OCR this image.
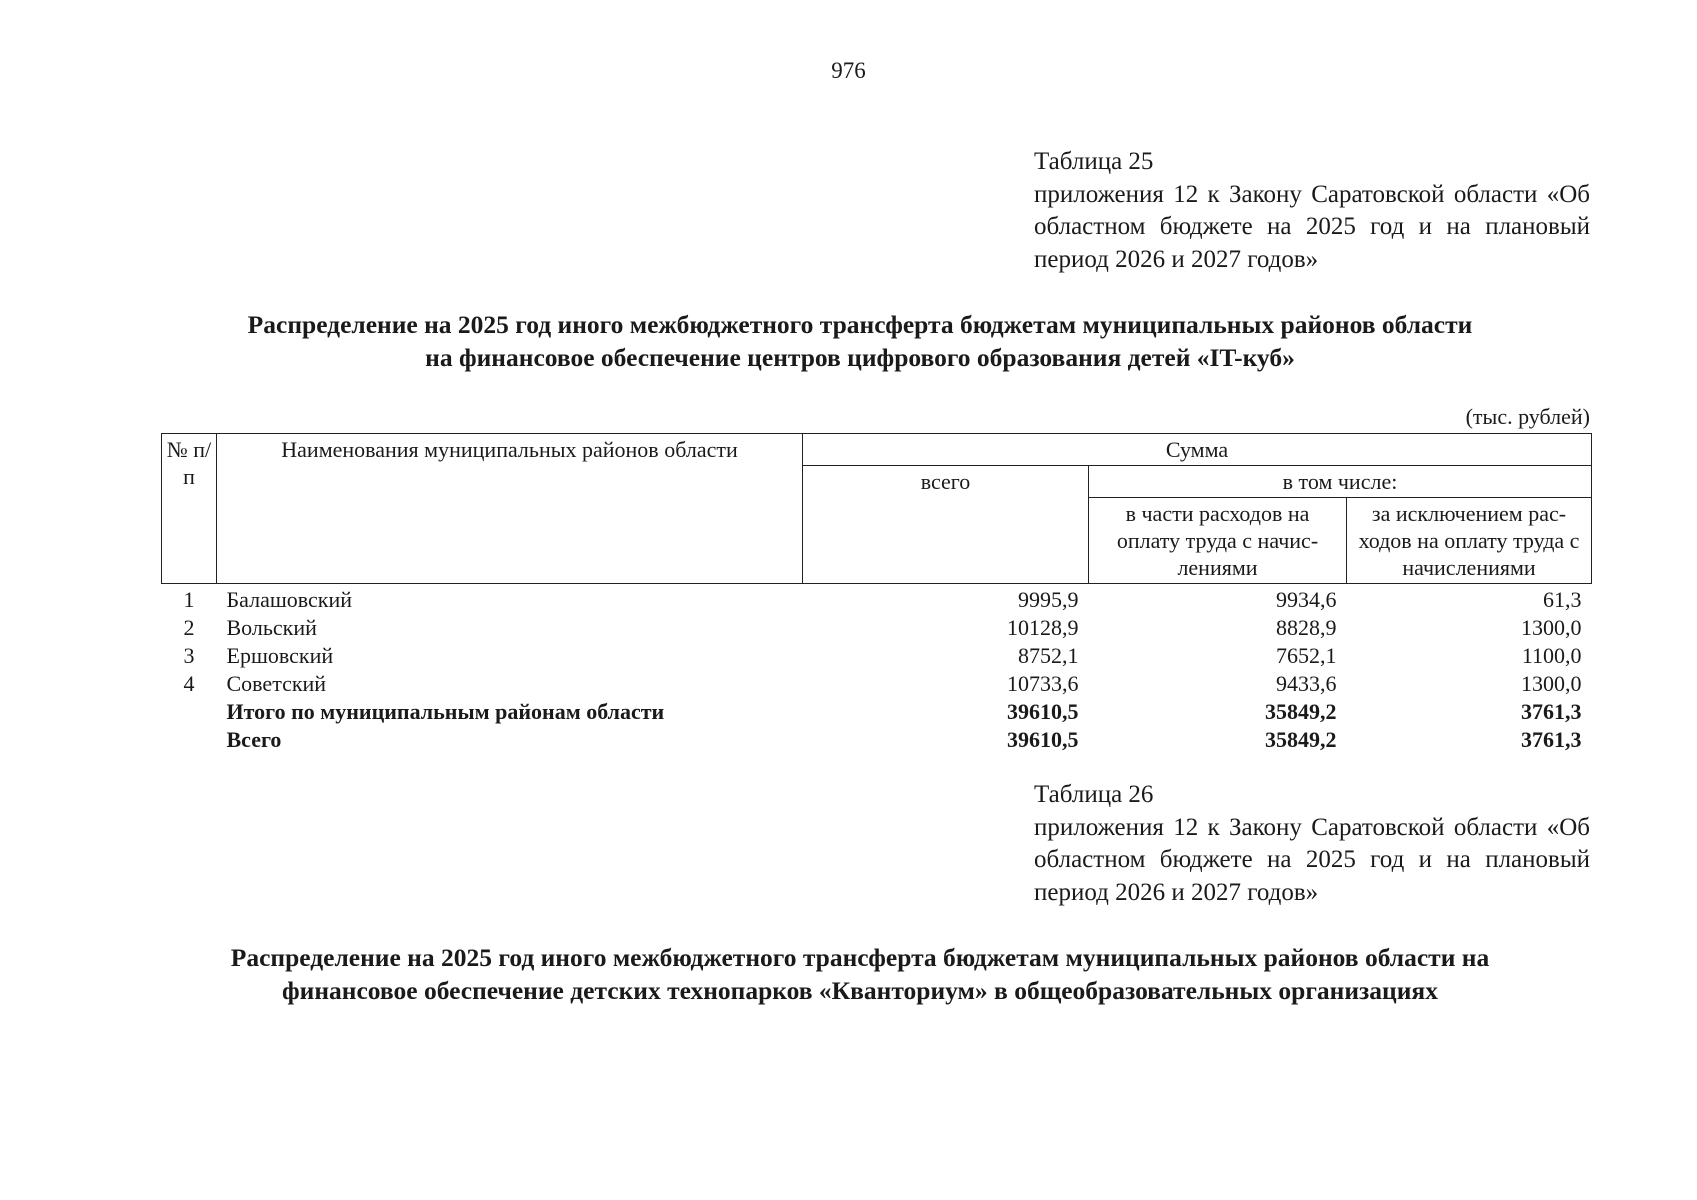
976
Таблица 25
приложения 12 к Закону Саратовской области «Об областном бюджете на 2025 год и на плановый период 2026 и 2027 годов»
Распределение на 2025 год иного межбюджетного трансферта бюджетам муниципальных районов области
на финансовое обеспечение центров цифрового образования детей «IT-куб»
(тыс. рублей)
№ п/п	Наименования муниципальных районов области	Сумма		
		всего	в том числе:	
			в части расходов на оплату труда с начислениями	за исключением расходов на оплату труда с начислениями
1	Балашовский	9995,9	9934,6	61,3
2	Вольский	10128,9	8828,9	1300,0
3	Ершовский	8752,1	7652,1	1100,0
4	Советский	10733,6	9433,6	1300,0
	Итого по муниципальным районам области	39610,5	35849,2	3761,3
	Всего	39610,5	35849,2	3761,3
Таблица 26
приложения 12 к Закону Саратовской области «Об областном бюджете на 2025 год и на плановый период 2026 и 2027 годов»
Распределение на 2025 год иного межбюджетного трансферта бюджетам муниципальных районов области на
финансовое обеспечение детских технопарков «Кванториум» в общеобразовательных организациях
